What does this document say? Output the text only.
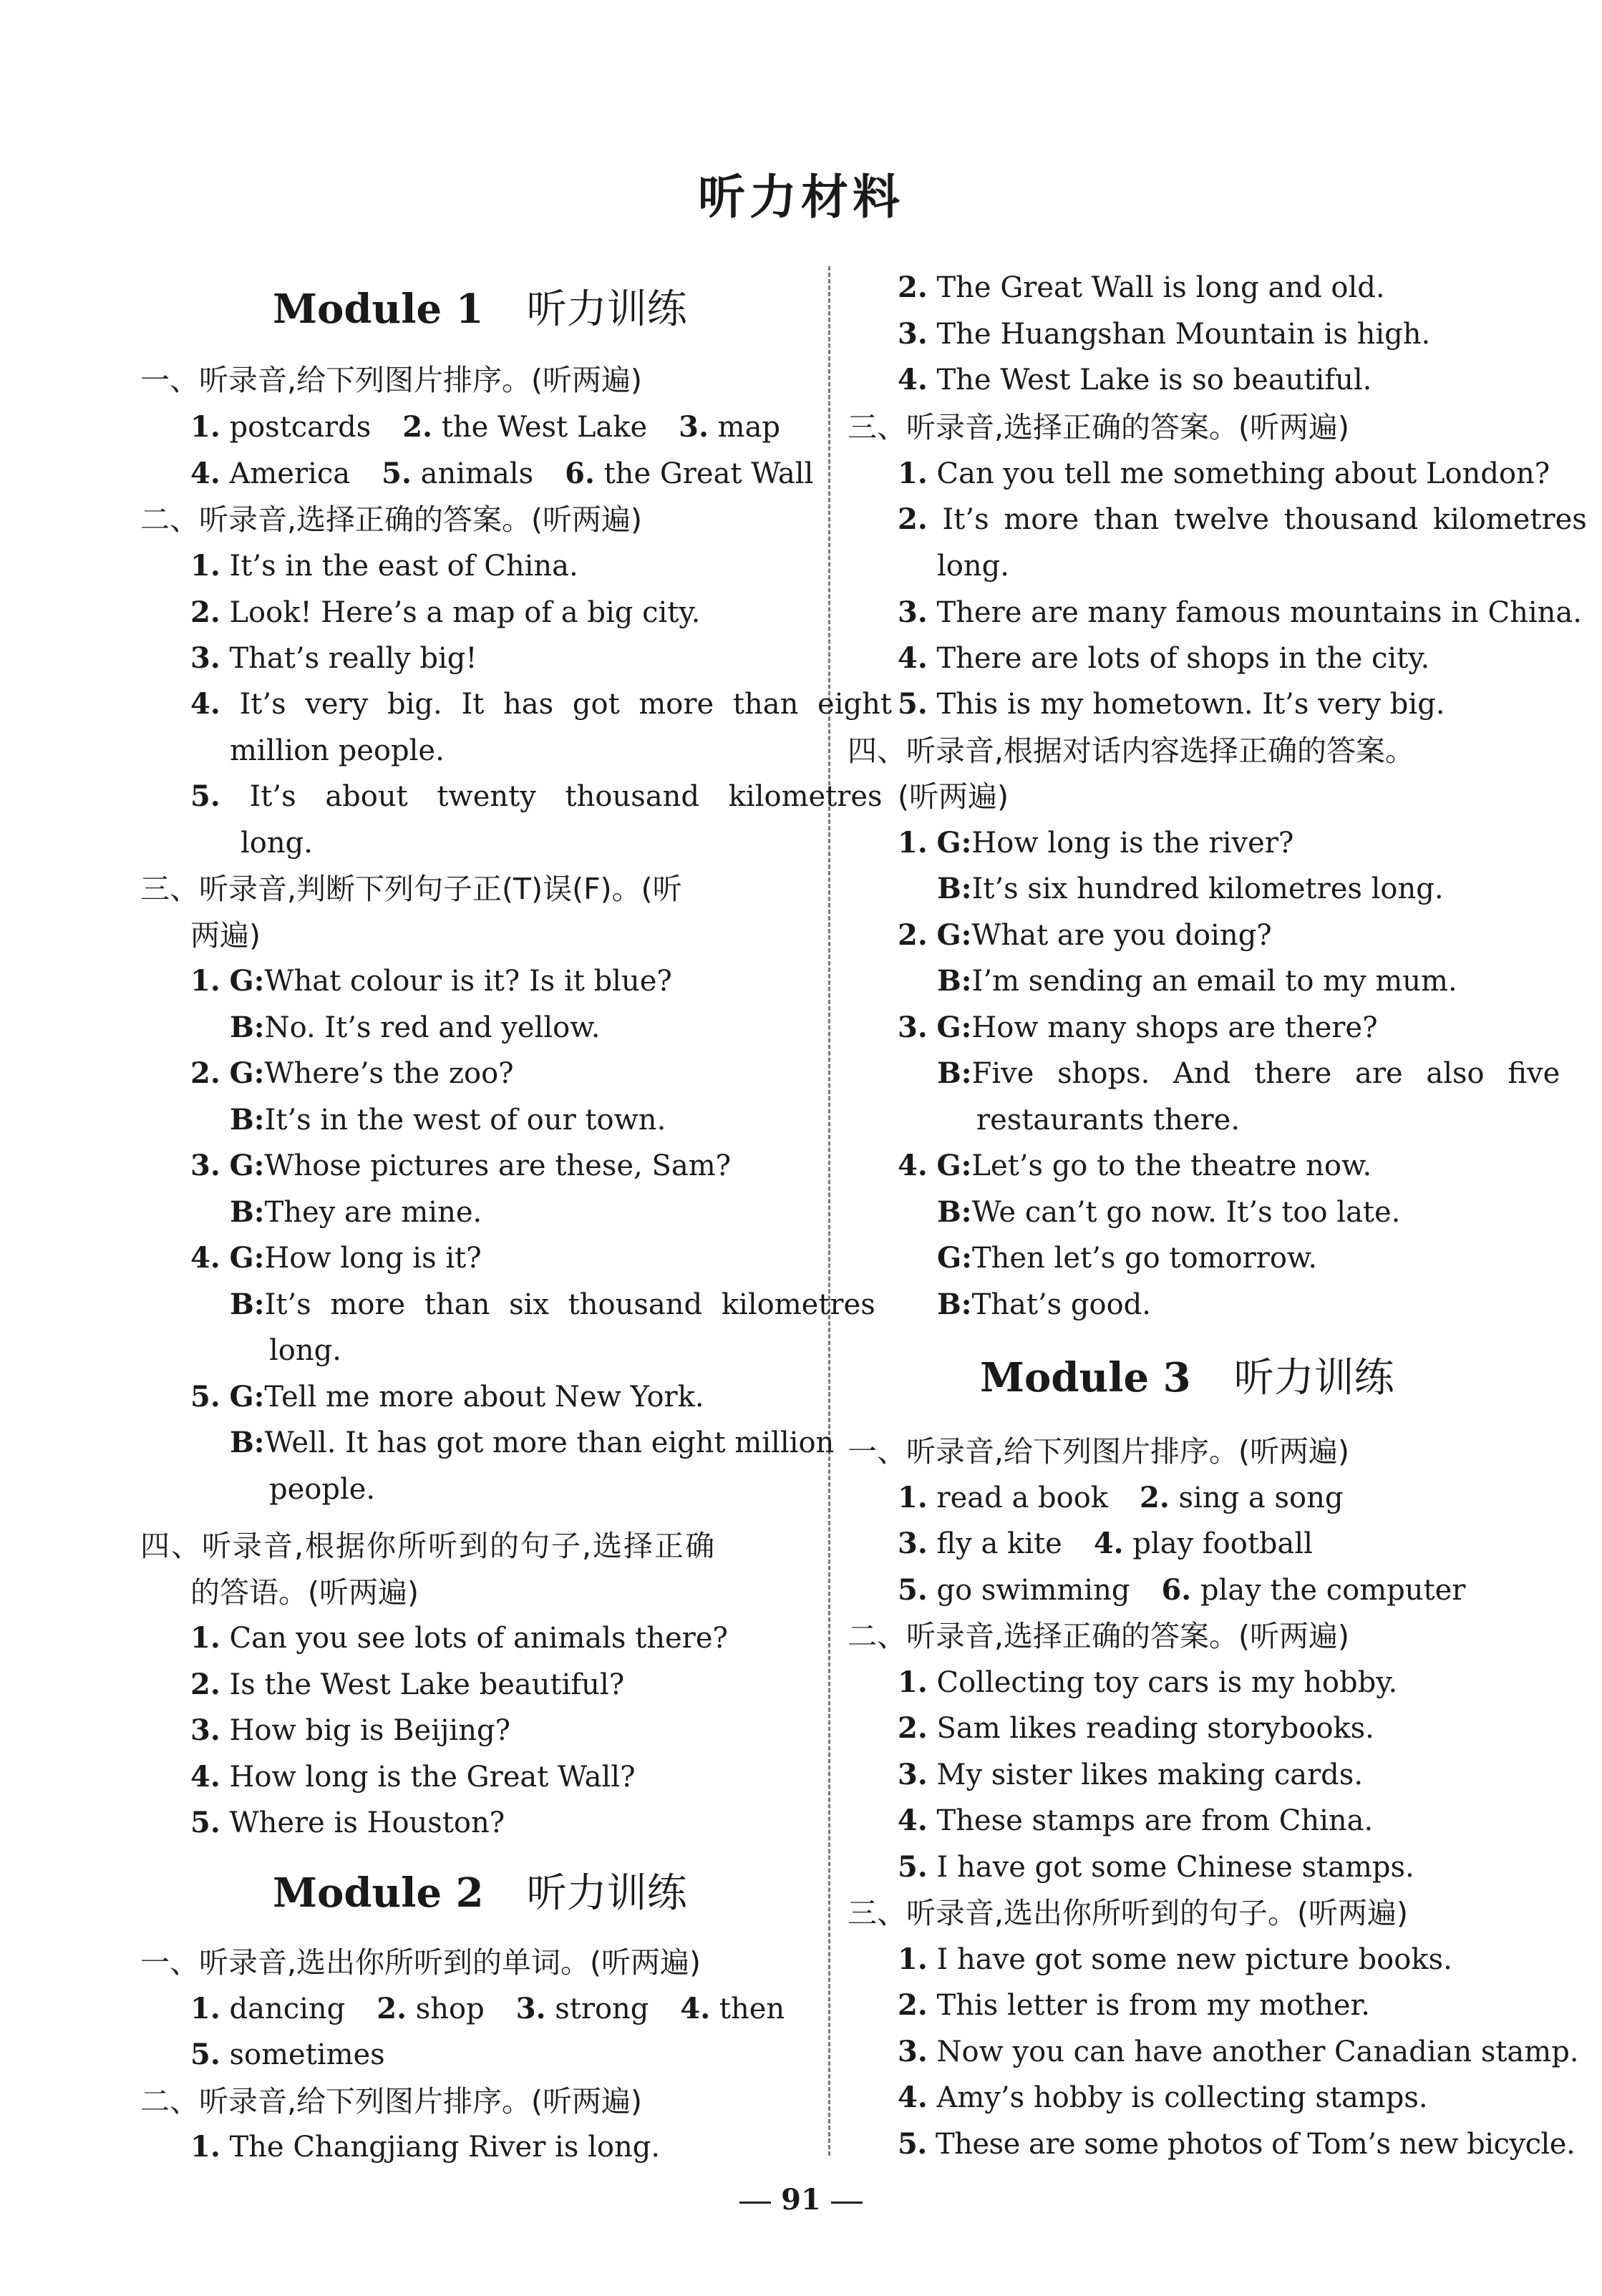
听力材料
Module 1 听力训练
一、听录音,给下列图片排序。(听两遍)
1. postcards 2. the West Lake 3. map
4. America 5. animals 6. the Great Wall
二、听录音,选择正确的答案。(听两遍)
1. It’s in the east of China.
2. Look! Here’s a map of a big city.
3. That’s really big!
4. It’s very big. It has got more than eight
million people.
5. It’s about twenty thousand kilometres
long.
三、听录音,判断下列句子正(T)误(F)。(听
两遍)
1. G:What colour is it? Is it blue?
B:No. It’s red and yellow.
2. G:Where’s the zoo?
B:It’s in the west of our town.
3. G:Whose pictures are these, Sam?
B:They are mine.
4. G:How long is it?
B:It’s more than six thousand kilometres
long.
5. G:Tell me more about New York.
B:Well. It has got more than eight million
people.
四、听录音,根据你所听到的句子,选择正确
的答语。(听两遍)
1. Can you see lots of animals there?
2. Is the West Lake beautiful?
3. How big is Beijing?
4. How long is the Great Wall?
5. Where is Houston?
Module 2 听力训练
一、听录音,选出你所听到的单词。(听两遍)
1. dancing 2. shop 3. strong 4. then
5. sometimes
二、听录音,给下列图片排序。(听两遍)
1. The Changjiang River is long.
2. The Great Wall is long and old.
3. The Huangshan Mountain is high.
4. The West Lake is so beautiful.
三、听录音,选择正确的答案。(听两遍)
1. Can you tell me something about London?
2. It’s more than twelve thousand kilometres
long.
3. There are many famous mountains in China.
4. There are lots of shops in the city.
5. This is my hometown. It’s very big.
四、听录音,根据对话内容选择正确的答案。
(听两遍)
1. G:How long is the river?
B:It’s six hundred kilometres long.
2. G:What are you doing?
B:I’m sending an email to my mum.
3. G:How many shops are there?
B:Five shops. And there are also five
restaurants there.
4. G:Let’s go to the theatre now.
B:We can’t go now. It’s too late.
G:Then let’s go tomorrow.
B:That’s good.
Module 3 听力训练
一、听录音,给下列图片排序。(听两遍)
1. read a book 2. sing a song
3. fly a kite 4. play football
5. go swimming 6. play the computer
二、听录音,选择正确的答案。(听两遍)
1. Collecting toy cars is my hobby.
2. Sam likes reading storybooks.
3. My sister likes making cards.
4. These stamps are from China.
5. I have got some Chinese stamps.
三、听录音,选出你所听到的句子。(听两遍)
1. I have got some new picture books.
2. This letter is from my mother.
3. Now you can have another Canadian stamp.
4. Amy’s hobby is collecting stamps.
5. These are some photos of Tom’s new bicycle.
91
